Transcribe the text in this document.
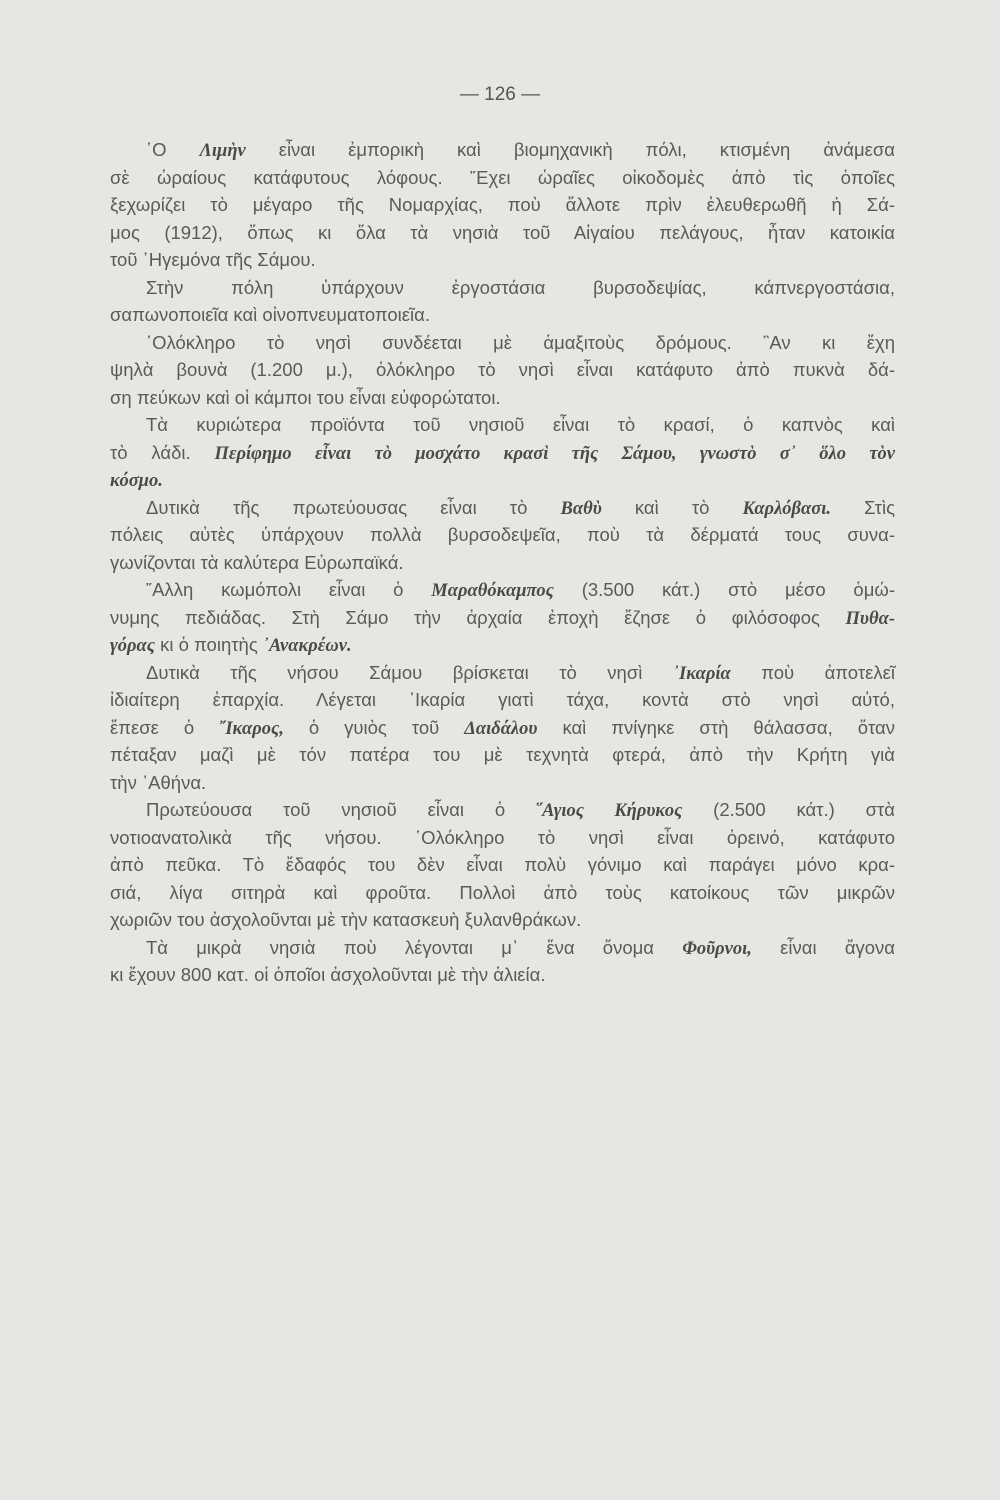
— 126 —
῾Ο Λιμὴν εἶναι ἐμπορικὴ καὶ βιομηχανικὴ πόλι, κτισμένη ἀνάμεσα
σὲ ὡραίους κατάφυτους λόφους. ῎Εχει ὡραῖες οἰκοδομὲς ἀπὸ τὶς ὁποῖες
ξεχωρίζει τὸ μέγαρο τῆς Νομαρχίας, ποὺ ἄλλοτε πρὶν ἐλευθερωθῆ ἡ Σά-
μος (1912), ὅπως κι ὅλα τὰ νησιὰ τοῦ Αἰγαίου πελάγους, ἦταν κατοικία
τοῦ ῾Ηγεμόνα τῆς Σάμου.
Στὴν πόλη ὑπάρχουν ἐργοστάσια βυρσοδεψίας, κάπνεργοστάσια,
σαπωνοποιεῖα καὶ οἰνοπνευματοποιεῖα.
῾Ολόκληρο τὸ νησὶ συνδέεται μὲ ἁμαξιτοὺς δρόμους. ῍Αν κι ἔχη
ψηλὰ βουνὰ (1.200 μ.), ὁλόκληρο τὸ νησὶ εἶναι κατάφυτο ἀπὸ πυκνὰ δά-
ση πεύκων καὶ οἱ κάμποι του εἶναι εὐφορώτατοι.
Τὰ κυριώτερα προϊόντα τοῦ νησιοῦ εἶναι τὸ κρασί, ὁ καπνὸς καὶ
τὸ λάδι. Περίφημο εἶναι τὸ μοσχάτο κρασὶ τῆς Σάμου, γνωστὸ σ᾽ ὅλο τὸν
κόσμο.
Δυτικὰ τῆς πρωτεύουσας εἶναι τὸ Βαθὺ καὶ τὸ Καρλόβασι. Στὶς
πόλεις αὐτὲς ὑπάρχουν πολλὰ βυρσοδεψεῖα, ποὺ τὰ δέρματά τους συνα-
γωνίζονται τὰ καλύτερα Εὐρωπαϊκά.
῎Αλλη κωμόπολι εἶναι ὁ Μαραθόκαμπος (3.500 κάτ.) στὸ μέσο ὁμώ-
νυμης πεδιάδας. Στὴ Σάμο τὴν ἀρχαία ἐποχὴ ἔζησε ὁ φιλόσοφος Πυθα-
γόρας κι ὁ ποιητὴς ᾽Ανακρέων.
Δυτικὰ τῆς νήσου Σάμου βρίσκεται τὸ νησὶ ᾽Ικαρία ποὺ ἀποτελεῖ
ἰδιαίτερη ἐπαρχία. Λέγεται ᾽Ικαρία γιατὶ τάχα, κοντὰ στὸ νησὶ αὐτό,
ἔπεσε ὁ ῎Ικαρος, ὁ γυιὸς τοῦ Δαιδάλου καὶ πνίγηκε στὴ θάλασσα, ὅταν
πέταξαν μαζὶ μὲ τόν πατέρα του μὲ τεχνητὰ φτερά, ἀπὸ τὴν Κρήτη γιὰ
τὴν ᾽Αθήνα.
Πρωτεύουσα τοῦ νησιοῦ εἶναι ὁ ῞Αγιος Κήρυκος (2.500 κάτ.) στὰ
νοτιοανατολικὰ τῆς νήσου. ῾Ολόκληρο τὸ νησὶ εἶναι ὀρεινό, κατάφυτο
ἀπὸ πεῦκα. Τὸ ἔδαφός του δὲν εἶναι πολὺ γόνιμο καὶ παράγει μόνο κρα-
σιά, λίγα σιτηρὰ καὶ φροῦτα. Πολλοὶ ἀπὸ τοὺς κατοίκους τῶν μικρῶν
χωριῶν του ἀσχολοῦνται μὲ τὴν κατασκευὴ ξυλανθράκων.
Τὰ μικρὰ νησιὰ ποὺ λέγονται μ᾽ ἕνα ὄνομα Φοῦρνοι, εἶναι ἄγονα
κι ἔχουν 800 κατ. οἱ ὁποῖοι ἀσχολοῦνται μὲ τὴν ἁλιεία.
